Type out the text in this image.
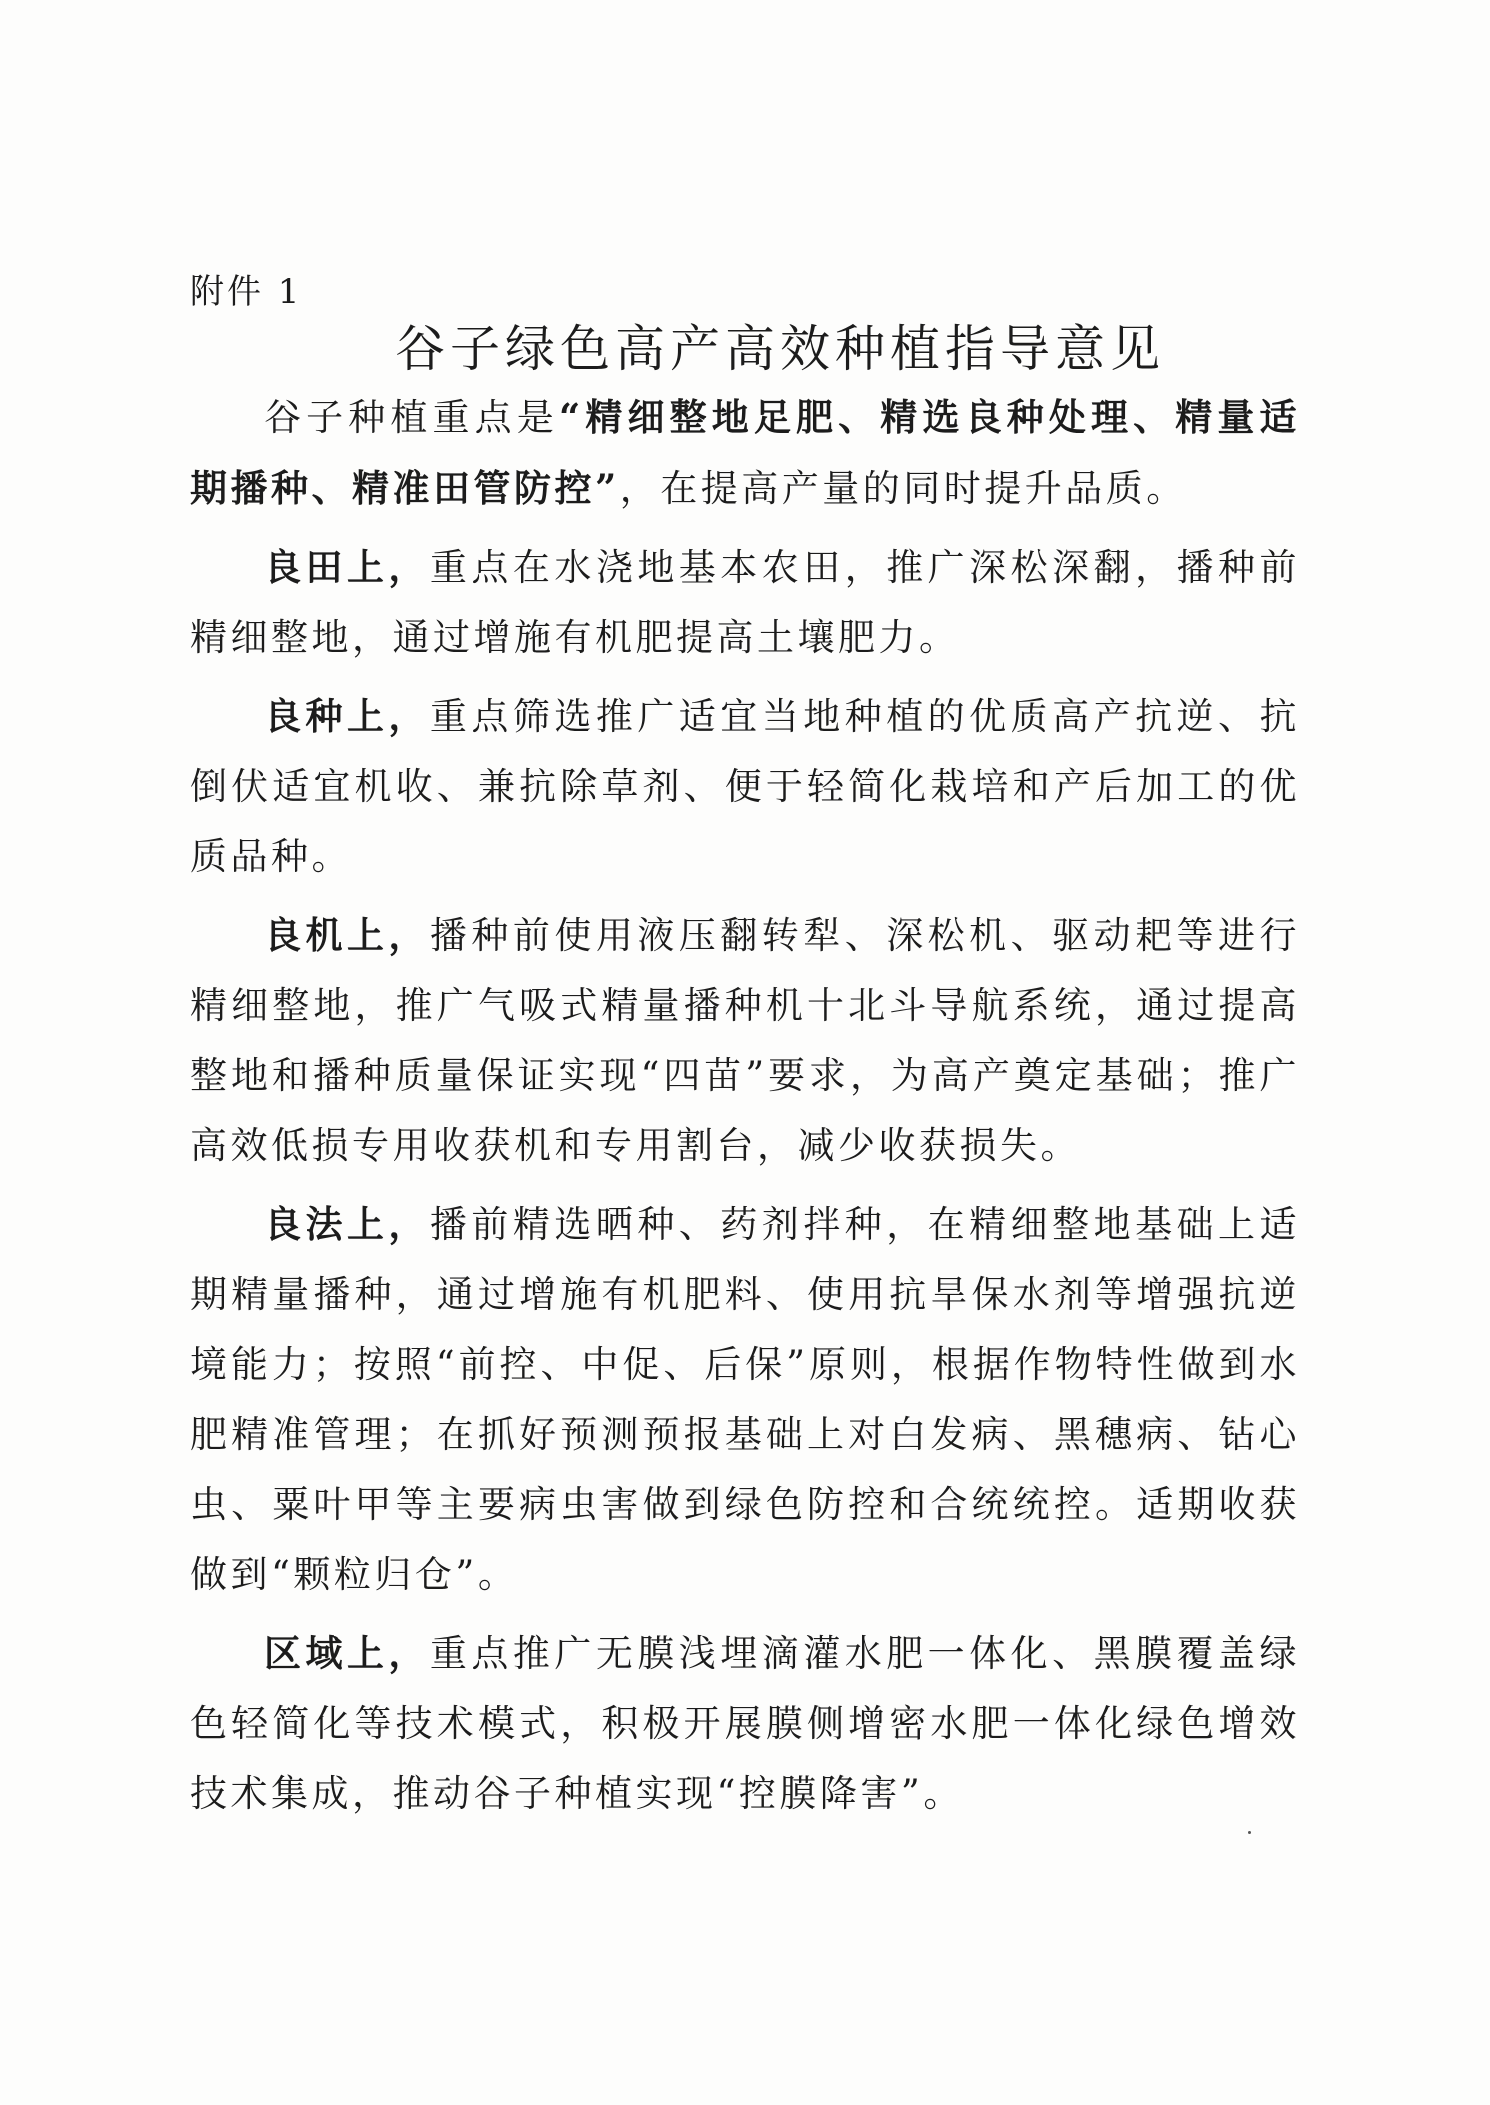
附件 1
谷子绿色高产高效种植指导意见

谷子种植重点是“精细整地足肥、精选良种处理、精量适期播种、精准田管防控”，在提高产量的同时提升品质。

良田上，重点在水浇地基本农田，推广深松深翻，播种前精细整地，通过增施有机肥提高土壤肥力。

良种上，重点筛选推广适宜当地种植的优质高产抗逆、抗倒伏适宜机收、兼抗除草剂、便于轻简化栽培和产后加工的优质品种。

良机上，播种前使用液压翻转犁、深松机、驱动耙等进行精细整地，推广气吸式精量播种机十北斗导航系统，通过提高整地和播种质量保证实现“四苗”要求，为高产奠定基础；推广高效低损专用收获机和专用割台，减少收获损失。

良法上，播前精选晒种、药剂拌种，在精细整地基础上适期精量播种，通过增施有机肥料、使用抗旱保水剂等增强抗逆境能力；按照“前控、中促、后保”原则，根据作物特性做到水肥精准管理；在抓好预测预报基础上对白发病、黑穗病、钻心虫、粟叶甲等主要病虫害做到绿色防控和合统统控。适期收获做到“颗粒归仓”。

区域上，重点推广无膜浅埋滴灌水肥一体化、黑膜覆盖绿色轻简化等技术模式，积极开展膜侧增密水肥一体化绿色增效技术集成，推动谷子种植实现“控膜降害”。
